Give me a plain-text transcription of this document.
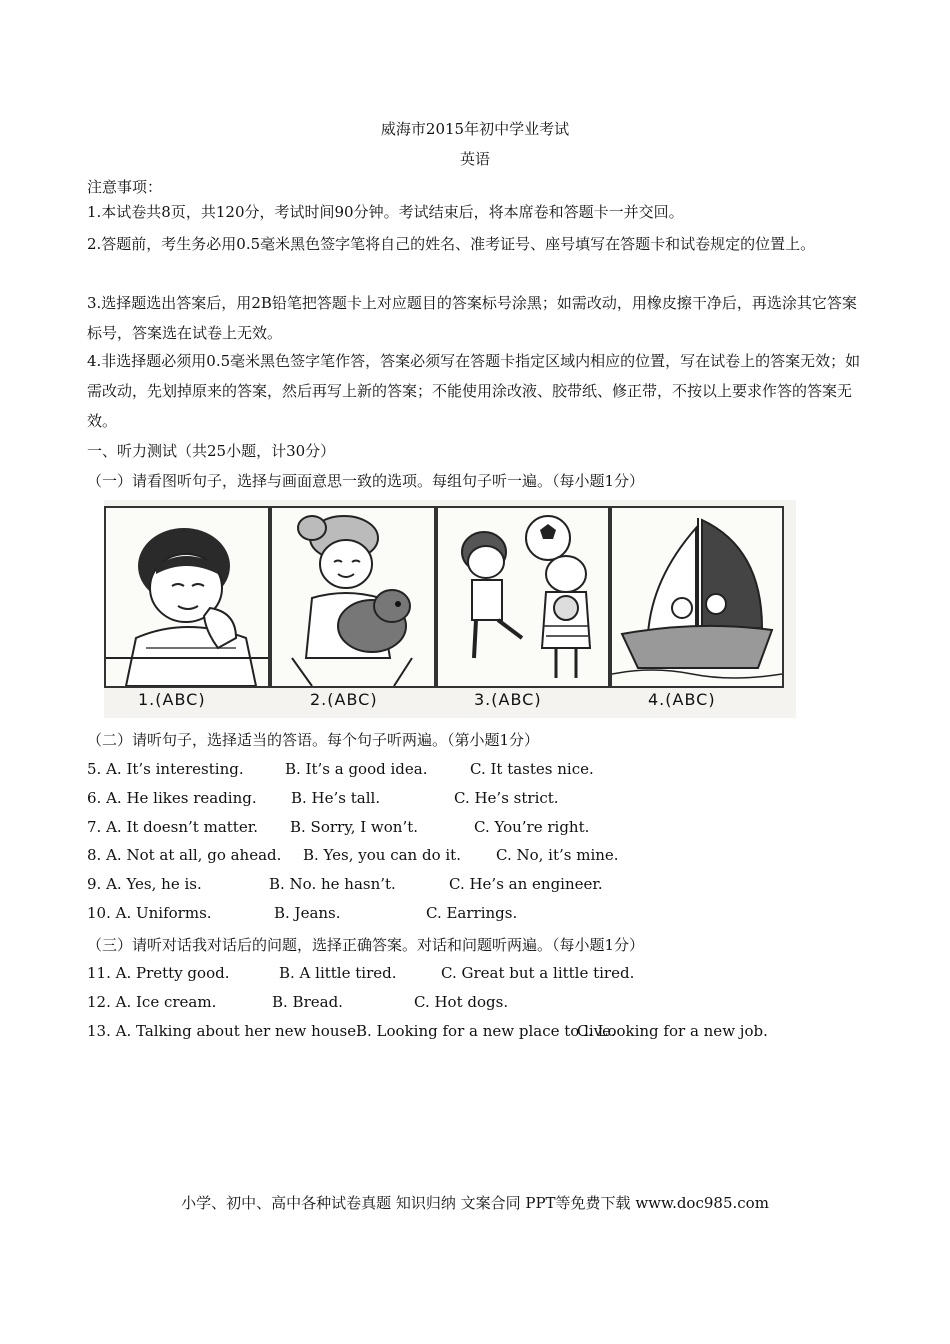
威海市2015年初中学业考试
英语
注意事项：
1.本试卷共8页，共120分，考试时间90分钟。考试结束后，将本席卷和答题卡一并交回。
2.答题前，考生务必用0.5毫米黑色签字笔将自己的姓名、准考证号、座号填写在答题卡和试卷规定的位置上。
3.选择题选出答案后，用2B铅笔把答题卡上对应题目的答案标号涂黑；如需改动，用橡皮擦干净后，再选涂其它答案标号，答案选在试卷上无效。
4.非选择题必须用0.5毫米黑色签字笔作答，答案必须写在答题卡指定区域内相应的位置，写在试卷上的答案无效；如需改动，先划掉原来的答案，然后再写上新的答案；不能使用涂改液、胶带纸、修正带，不按以上要求作答的答案无效。
一、听力测试（共25小题，计30分）
（一）请看图听句子，选择与画面意思一致的选项。每组句子听一遍。（每小题1分）
1.(ABC)	2.(ABC)	3.(ABC)	4.(ABC)
（二）请听句子，选择适当的答语。每个句子听两遍。（第小题1分）
5. A. It’s interesting.	B. It’s a good idea.	C. It tastes nice.
6. A. He likes reading. B. He’s tall.	C. He’s strict.
7. A. It doesn’t matter. B. Sorry, I won’t.	C. You’re right.
8. A. Not at all, go ahead. B. Yes, you can do it. C. No, it’s mine.
9. A. Yes, he is.	B. No. he hasn’t.	C. He’s an engineer.
10. A. Uniforms.	B. Jeans.	C. Earrings.
（三）请听对话我对话后的问题，选择正确答案。对话和问题听两遍。（每小题1分）
11. A. Pretty good.	B. A little tired.	C. Great but a little tired.
12. A. Ice cream.	B. Bread.	C. Hot dogs.
13. A. Talking about her new house.
B. Looking for a new place to live.
C. Looking for a new job.
小学、初中、高中各种试卷真题 知识归纳 文案合同 PPT等免费下载 www.doc985.com
